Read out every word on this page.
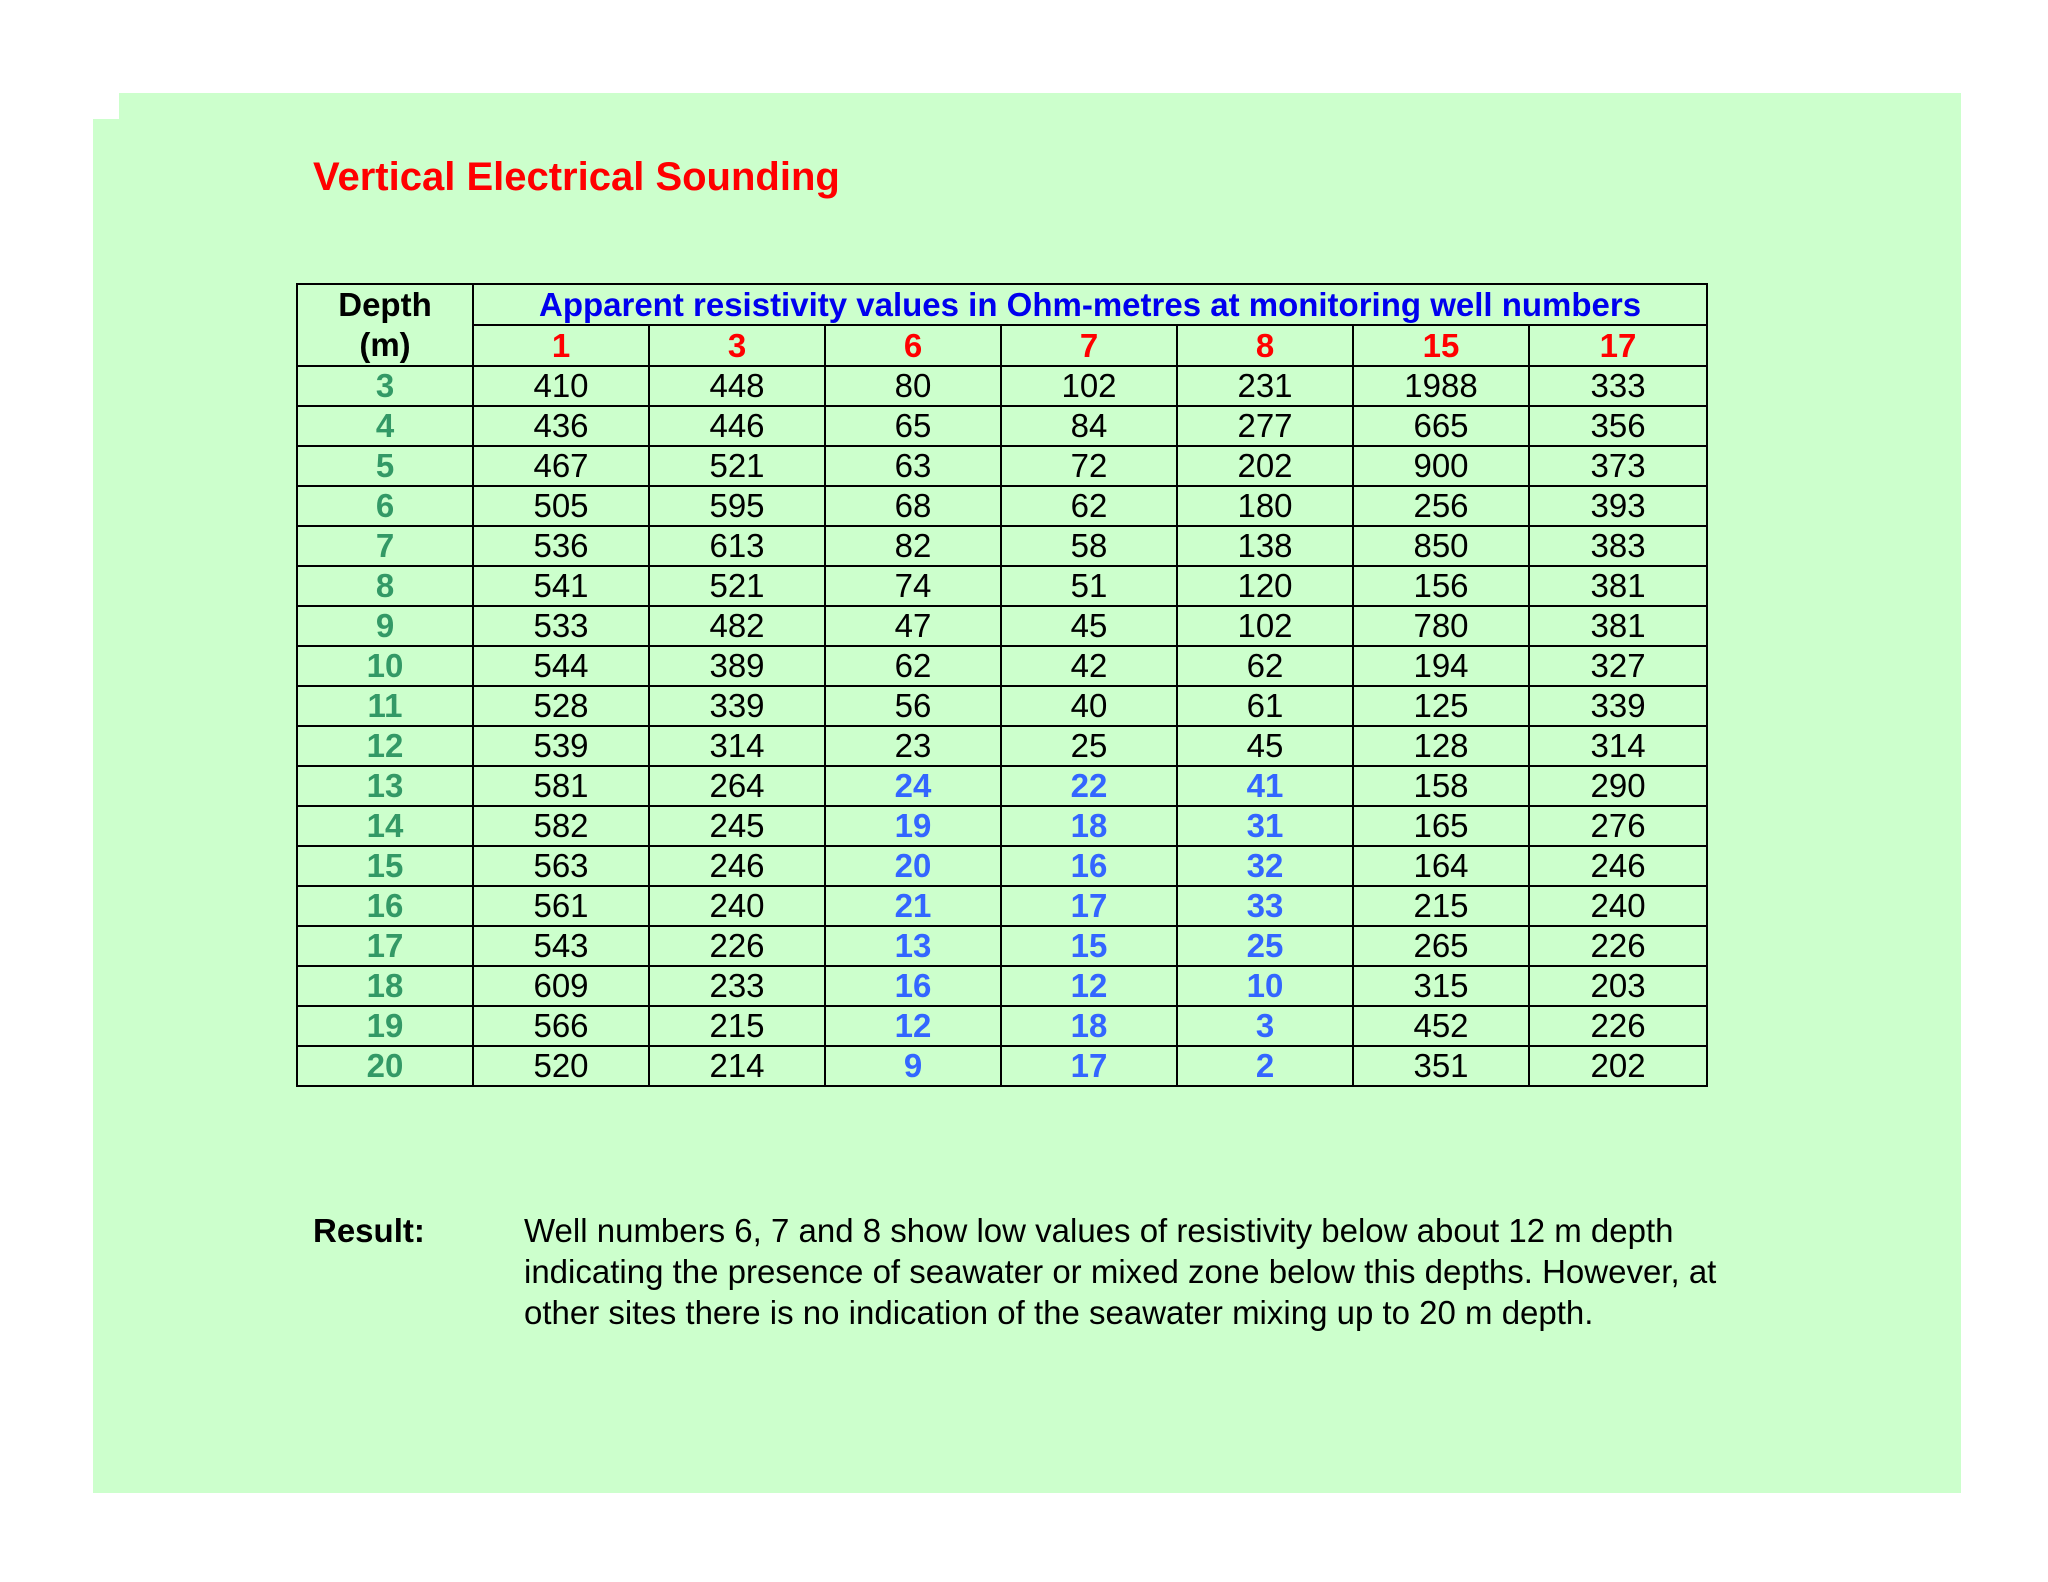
Vertical Electrical Sounding
Depth
(m)	Apparent resistivity values in Ohm-metres at monitoring well numbers						
	1	3	6	7	8	15	17
3	410	448	80	102	231	1988	333
4	436	446	65	84	277	665	356
5	467	521	63	72	202	900	373
6	505	595	68	62	180	256	393
7	536	613	82	58	138	850	383
8	541	521	74	51	120	156	381
9	533	482	47	45	102	780	381
10	544	389	62	42	62	194	327
11	528	339	56	40	61	125	339
12	539	314	23	25	45	128	314
13	581	264	24	22	41	158	290
14	582	245	19	18	31	165	276
15	563	246	20	16	32	164	246
16	561	240	21	17	33	215	240
17	543	226	13	15	25	265	226
18	609	233	16	12	10	315	203
19	566	215	12	18	3	452	226
20	520	214	9	17	2	351	202
Result:	Well numbers 6, 7 and 8 show low values of resistivity below about 12 m depth indicating the presence of seawater or mixed zone below this depths. However, at other sites there is no indication of the seawater mixing up to 20 m depth.
